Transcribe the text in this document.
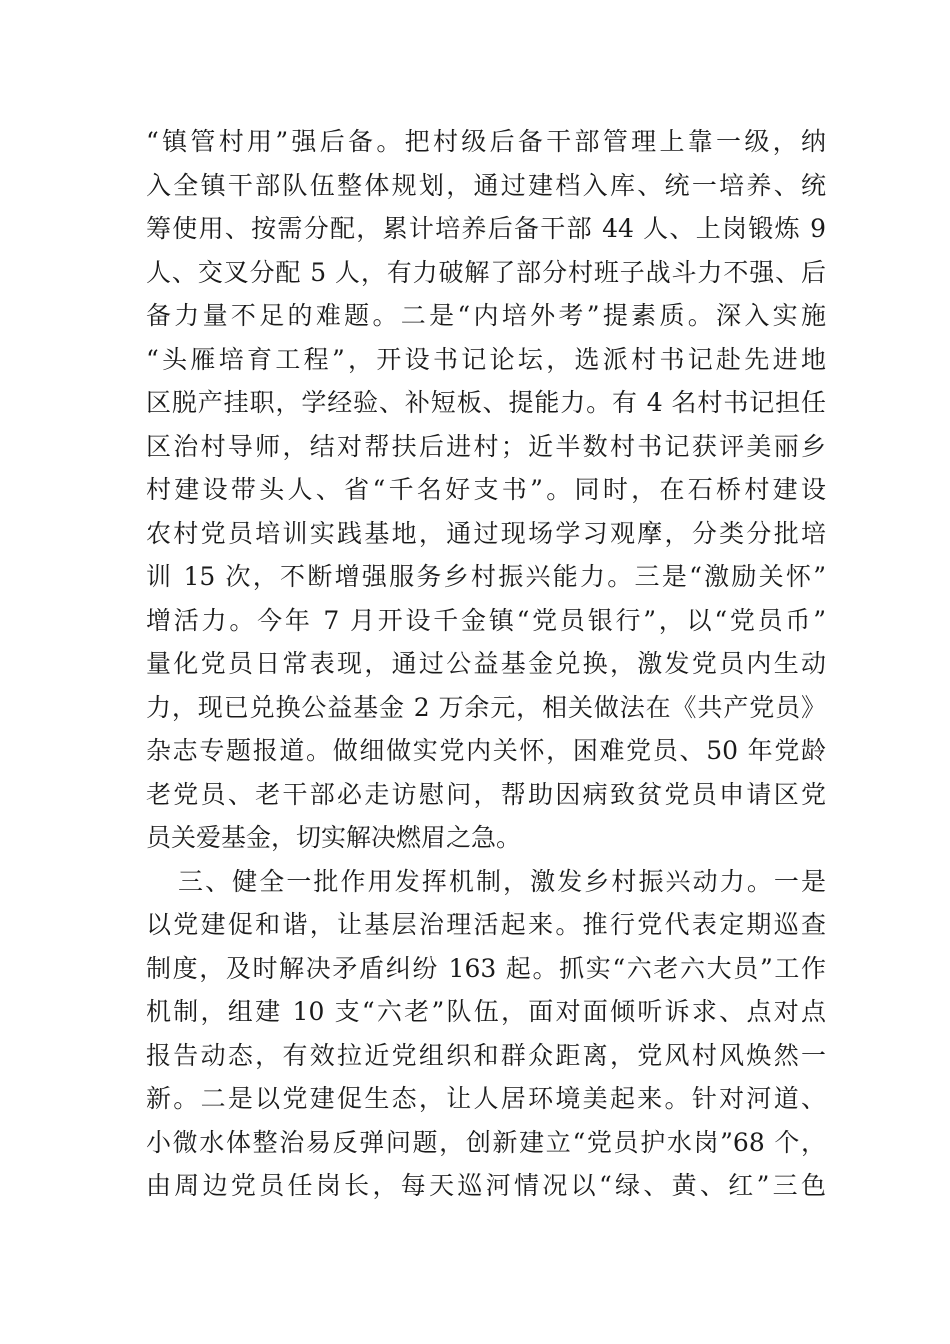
“镇管村用”强后备。把村级后备干部管理上靠一级，纳
入全镇干部队伍整体规划，通过建档入库、统一培养、统
筹使用、按需分配，累计培养后备干部 44 人、上岗锻炼 9
人、交叉分配 5 人，有力破解了部分村班子战斗力不强、后
备力量不足的难题。二是“内培外考”提素质。深入实施
“头雁培育工程”，开设书记论坛，选派村书记赴先进地
区脱产挂职，学经验、补短板、提能力。有 4 名村书记担任
区治村导师，结对帮扶后进村；近半数村书记获评美丽乡
村建设带头人、省“千名好支书”。同时，在石桥村建设
农村党员培训实践基地，通过现场学习观摩，分类分批培
训 15 次，不断增强服务乡村振兴能力。三是“激励关怀”
增活力。今年 7 月开设千金镇“党员银行”，以“党员币”
量化党员日常表现，通过公益基金兑换，激发党员内生动
力，现已兑换公益基金 2 万余元，相关做法在《共产党员》
杂志专题报道。做细做实党内关怀，困难党员、50 年党龄
老党员、老干部必走访慰问，帮助因病致贫党员申请区党
员关爱基金，切实解决燃眉之急。
三、健全一批作用发挥机制，激发乡村振兴动力。一是
以党建促和谐，让基层治理活起来。推行党代表定期巡查
制度，及时解决矛盾纠纷 163 起。抓实“六老六大员”工作
机制，组建 10 支“六老”队伍，面对面倾听诉求、点对点
报告动态，有效拉近党组织和群众距离，党风村风焕然一
新。二是以党建促生态，让人居环境美起来。针对河道、
小微水体整治易反弹问题，创新建立“党员护水岗”68 个，
由周边党员任岗长，每天巡河情况以“绿、黄、红”三色
